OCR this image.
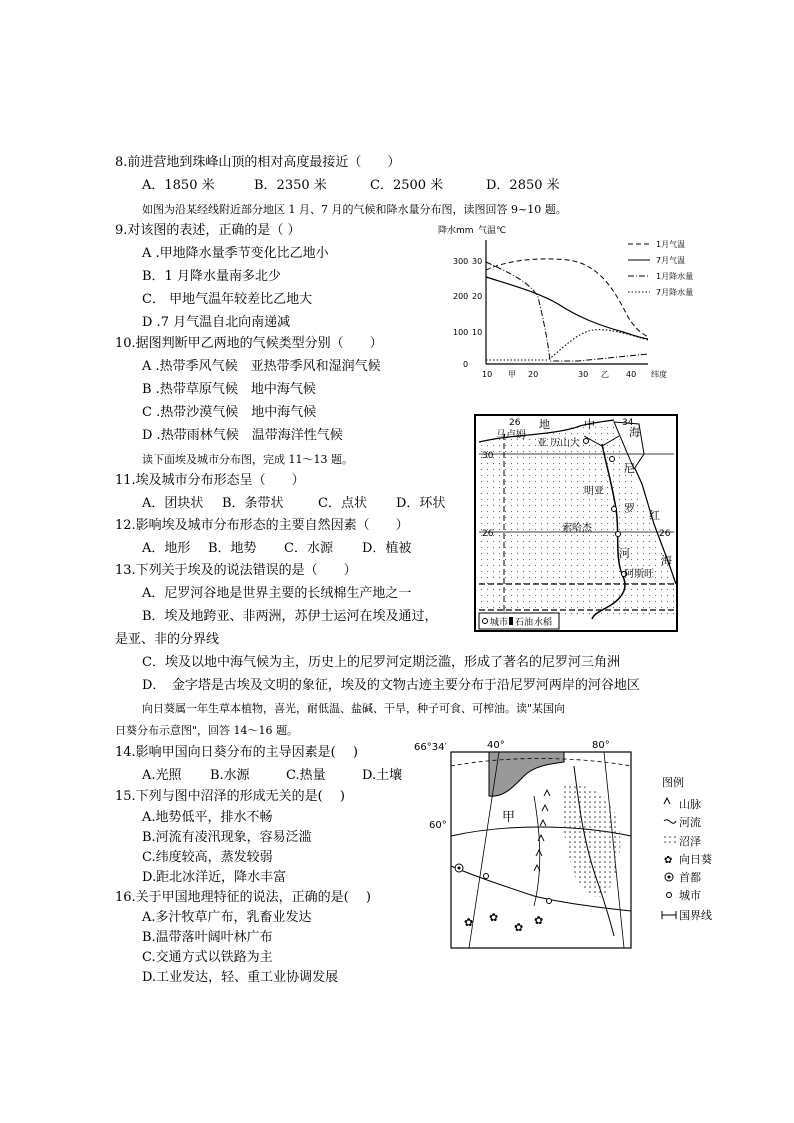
8.前进营地到珠峰山顶的相对高度最接近（　　）
A．1850 米	B．2350 米	C．2500 米	D．2850 米
如图为沿某经线附近部分地区 1 月、7 月的气候和降水量分布图，读图回答 9~10 题。
9.对该图的表述，正确的是（ ）
A .甲地降水量季节变化比乙地小
B．1 月降水量南多北少
C． 甲地气温年较差比乙地大
D .7 月气温自北向南递减
10.据图判断甲乙两地的气候类型分别（　　）
A .热带季风气候　亚热带季风和湿润气候
B .热带草原气候　地中海气候
C .热带沙漠气候　地中海气候
D .热带雨林气候　温带海洋性气候
读下面埃及城市分布图，完成 11～13 题。
11.埃及城市分布形态呈（　　）
A．团块状 B．条带状	C．点状 D．环状
12.影响埃及城市分布形态的主要自然因素（　　）
A．地形 B．地势 C．水源 D．植被
13.下列关于埃及的说法错误的是（　　）
A．尼罗河谷地是世界主要的长绒棉生产地之一
B．埃及地跨亚、非两洲，苏伊士运河在埃及通过，
是亚、非的分界线
C．埃及以地中海气候为主，历史上的尼罗河定期泛滥，形成了著名的尼罗河三角洲
D．　金字塔是古埃及文明的象征，埃及的文物古迹主要分布于沿尼罗河两岸的河谷地区
向日葵属一年生草本植物，喜光，耐低温、盐碱、干旱，种子可食、可榨油。读"某国向
日葵分布示意图"，回答 14～16 题。
14.影响甲国向日葵分布的主导因素是(　 )
A.光照 B.水源	C.热量	D.土壤
15.下列与图中沼泽的形成无关的是(　 )
A.地势低平，排水不畅
B.河流有凌汛现象，容易泛滥
C.纬度较高，蒸发较弱
D.距北冰洋近，降水丰富
16.关于甲国地理特征的说法，正确的是(　 )
A.多汁牧草广布，乳畜业发达
B.温带落叶阔叶林广布
C.交通方式以铁路为主
D.工业发达，轻、重工业协调发展
降水mm 气温℃
300
200
100
0
30
20
10
10 甲 20	30 乙 40 纬度
1月气温
7月气温
1月降水量
7月降水量
26	34
30
26
26
地	中
海
马卢姆
亚 历山大
尼
罗
河
明亚
索哈杰
红
海
阿斯旺
城市 石油 水稻
66°34′
60°
40°	80°
✿ ✿
✿
✿
甲
图例
山脉
河流
沼泽
✿ 向日葵
首都
城市
国界线
